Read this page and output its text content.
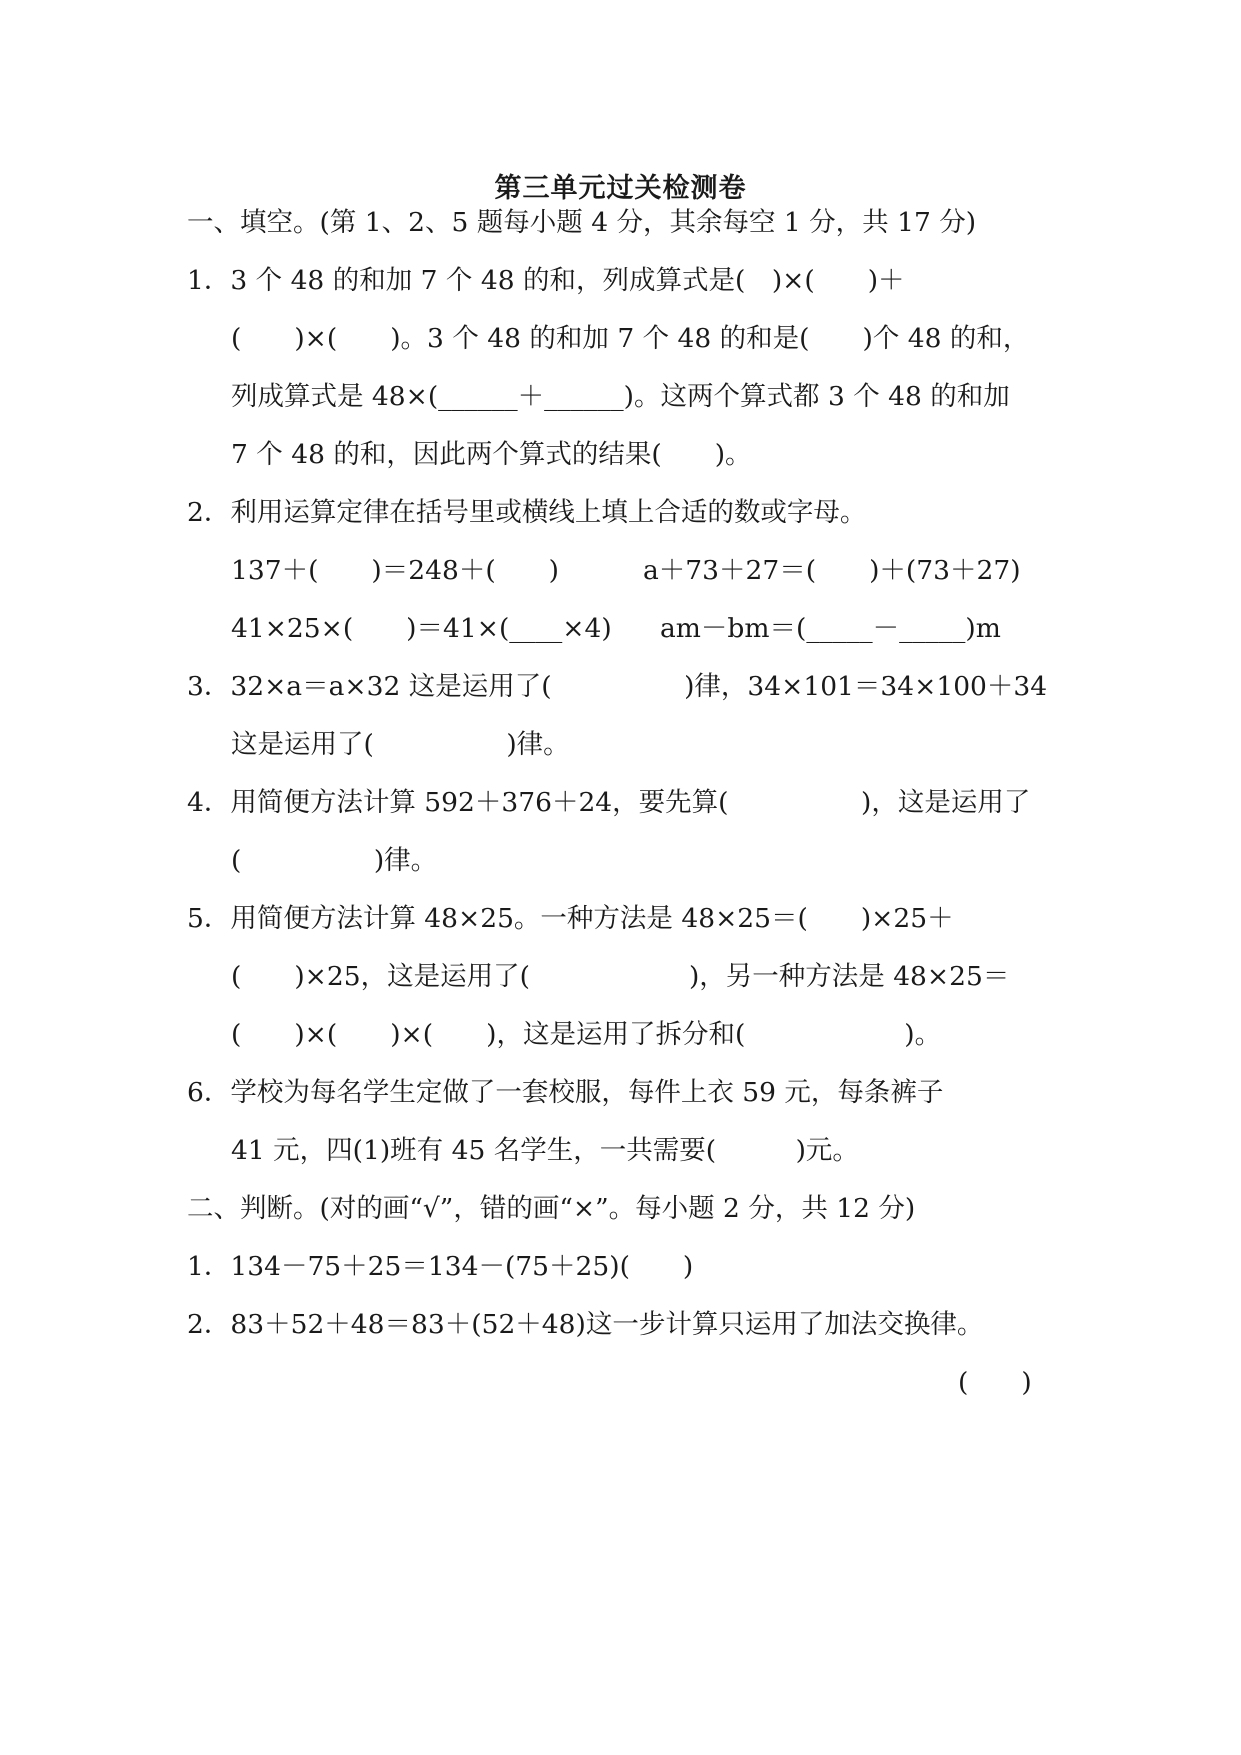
第三单元过关检测卷
一、填空。(第 1、2、5 题每小题 4 分，其余每空 1 分，共 17 分)
1．3 个 48 的和加 7 个 48 的和，列成算式是(　)×(　　)＋
(　　)×(　　)。3 个 48 的和加 7 个 48 的和是(　　)个 48 的和，
列成算式是 48×(______＋______)。这两个算式都 3 个 48 的和加
7 个 48 的和，因此两个算式的结果(　　)。
2．利用运算定律在括号里或横线上填上合适的数或字母。
137＋(　　)＝248＋(　　)	a＋73＋27＝(　　)＋(73＋27)
41×25×(　　)＝41×(____×4) am－bm＝(_____－_____)m
3．32×a＝a×32 这是运用了(　　　　　)律，34×101＝34×100＋34
这是运用了(　　　　　)律。
4．用简便方法计算 592＋376＋24，要先算(　　　　　)，这是运用了
(　　　　　)律。
5．用简便方法计算 48×25。一种方法是 48×25＝(　　)×25＋
(　　)×25，这是运用了(　　　　　　)，另一种方法是 48×25＝
(　　)×(　　)×(　　)，这是运用了拆分和(　　　　　　)。
6．学校为每名学生定做了一套校服，每件上衣 59 元，每条裤子
41 元，四(1)班有 45 名学生，一共需要(　　　)元。
二、判断。(对的画“√”，错的画“×”。每小题 2 分，共 12 分)
1．134－75＋25＝134－(75＋25)(　　)
2．83＋52＋48＝83＋(52＋48)这一步计算只运用了加法交换律。
(　　)
